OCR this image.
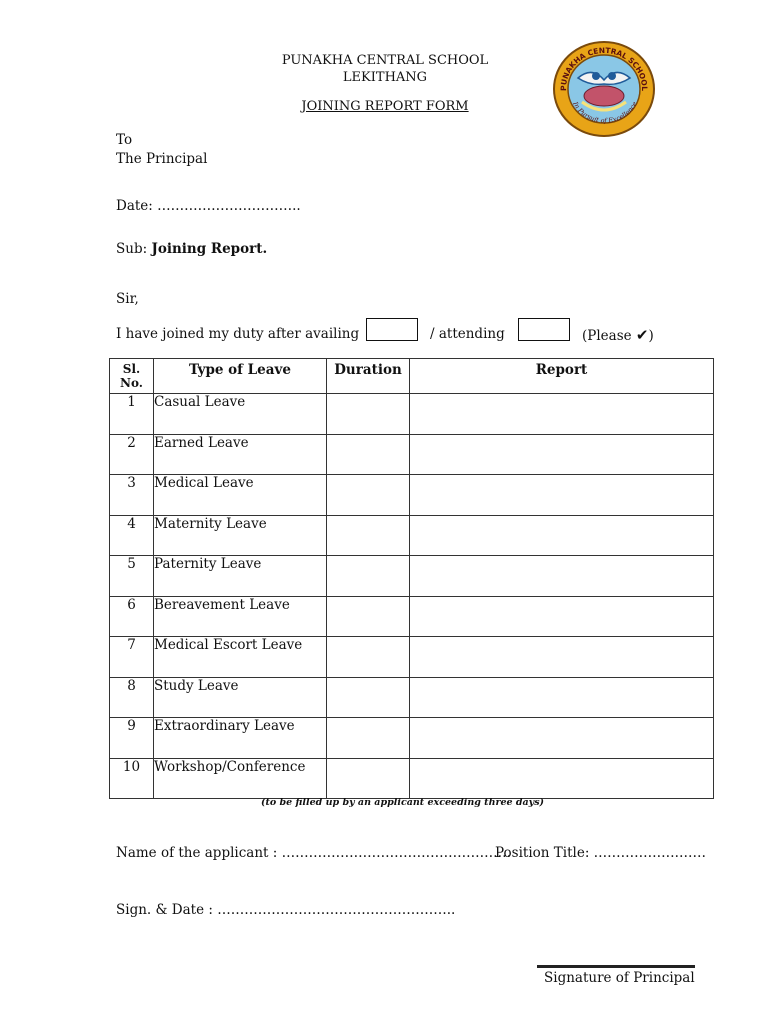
PUNAKHA CENTRAL SCHOOL
LEKITHANG
JOINING REPORT FORM
PUNAKHA CENTRAL SCHOOL
In Pursuit of Excellence
To
The Principal
Date: …………………………..
Sub: Joining Report.
Sir,
I have joined my duty after availing	/ attending	(Please ✔)
Sl. No.	Type of Leave	Duration	Report
1	Casual Leave		
2	Earned Leave		
3	Medical Leave		
4	Maternity Leave		
5	Paternity Leave		
6	Bereavement Leave		
7	Medical Escort Leave		
8	Study Leave		
9	Extraordinary Leave		
10	Workshop/Conference		
(to be filled up by an applicant exceeding three days)
Name of the applicant : ……………………………………………
Position Title: ……………….……
Sign. & Date : ……………………………………………..
Signature of Principal
